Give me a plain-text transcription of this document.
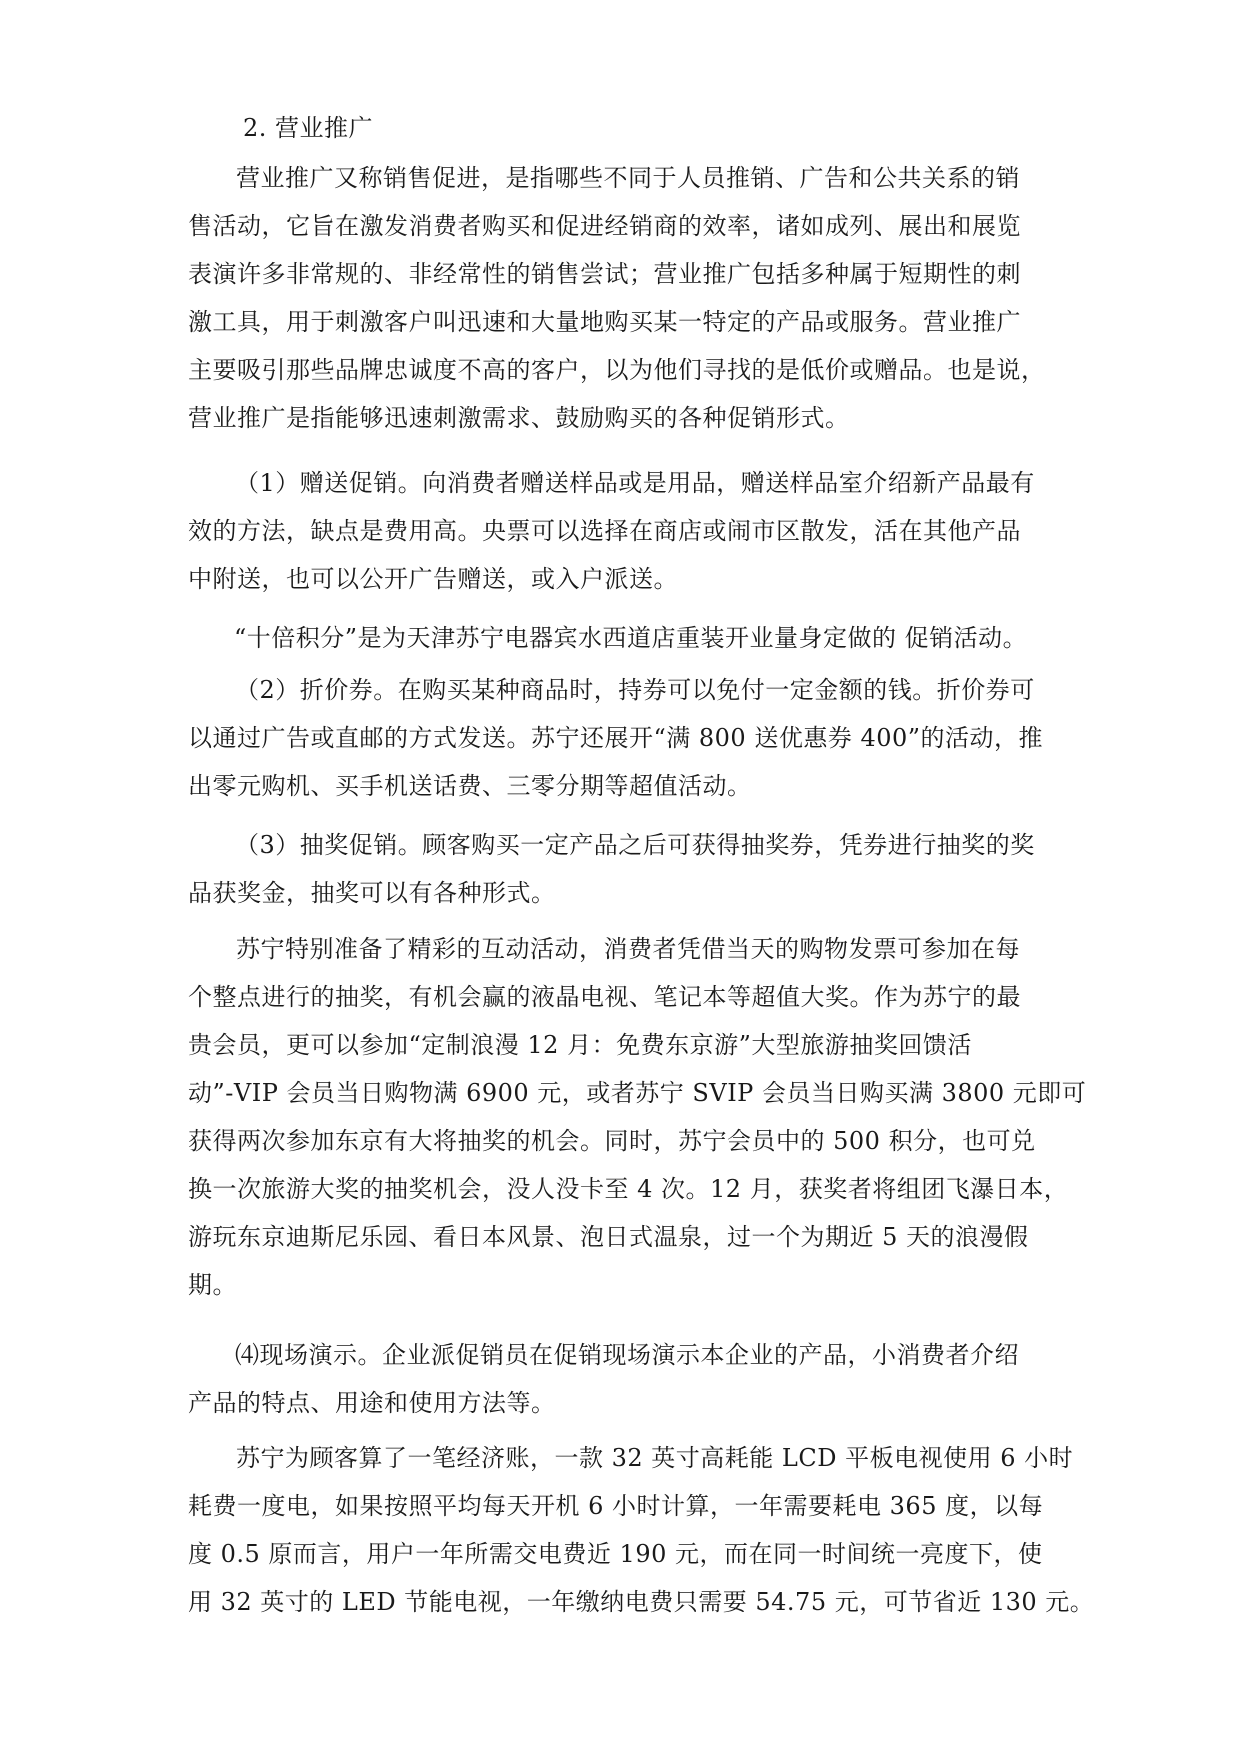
2. 营业推广

营业推广又称销售促进，是指哪些不同于人员推销、广告和公共关系的销
售活动，它旨在激发消费者购买和促进经销商的效率，诸如成列、展出和展览
表演许多非常规的、非经常性的销售尝试；营业推广包括多种属于短期性的刺
激工具，用于刺激客户叫迅速和大量地购买某一特定的产品或服务。营业推广
主要吸引那些品牌忠诚度不高的客户，以为他们寻找的是低价或赠品。也是说，
营业推广是指能够迅速刺激需求、鼓励购买的各种促销形式。

（1）赠送促销。向消费者赠送样品或是用品，赠送样品室介绍新产品最有
效的方法，缺点是费用高。央票可以选择在商店或闹市区散发，活在其他产品
中附送，也可以公开广告赠送，或入户派送。

“十倍积分”是为天津苏宁电器宾水西道店重装开业量身定做的 促销活动。

（2）折价券。在购买某种商品时，持券可以免付一定金额的钱。折价券可
以通过广告或直邮的方式发送。苏宁还展开“满 800 送优惠券 400”的活动，推
出零元购机、买手机送话费、三零分期等超值活动。

（3）抽奖促销。顾客购买一定产品之后可获得抽奖券，凭券进行抽奖的奖
品获奖金，抽奖可以有各种形式。

苏宁特别准备了精彩的互动活动，消费者凭借当天的购物发票可参加在每
个整点进行的抽奖，有机会赢的液晶电视、笔记本等超值大奖。作为苏宁的最
贵会员，更可以参加“定制浪漫 12 月：免费东京游”大型旅游抽奖回馈活
动”-VIP 会员当日购物满 6900 元，或者苏宁 SVIP 会员当日购买满 3800 元即可
获得两次参加东京有大将抽奖的机会。同时，苏宁会员中的 500 积分，也可兑
换一次旅游大奖的抽奖机会，没人没卡至 4 次。12 月，获奖者将组团飞瀑日本，
游玩东京迪斯尼乐园、看日本风景、泡日式温泉，过一个为期近 5 天的浪漫假
期。

⑷现场演示。企业派促销员在促销现场演示本企业的产品，小消费者介绍
产品的特点、用途和使用方法等。

苏宁为顾客算了一笔经济账，一款 32 英寸高耗能 LCD 平板电视使用 6 小时
耗费一度电，如果按照平均每天开机 6 小时计算，一年需要耗电 365 度，以每
度 0.5 原而言，用户一年所需交电费近 190 元，而在同一时间统一亮度下，使
用 32 英寸的 LED 节能电视，一年缴纳电费只需要 54.75 元，可节省近 130 元。
